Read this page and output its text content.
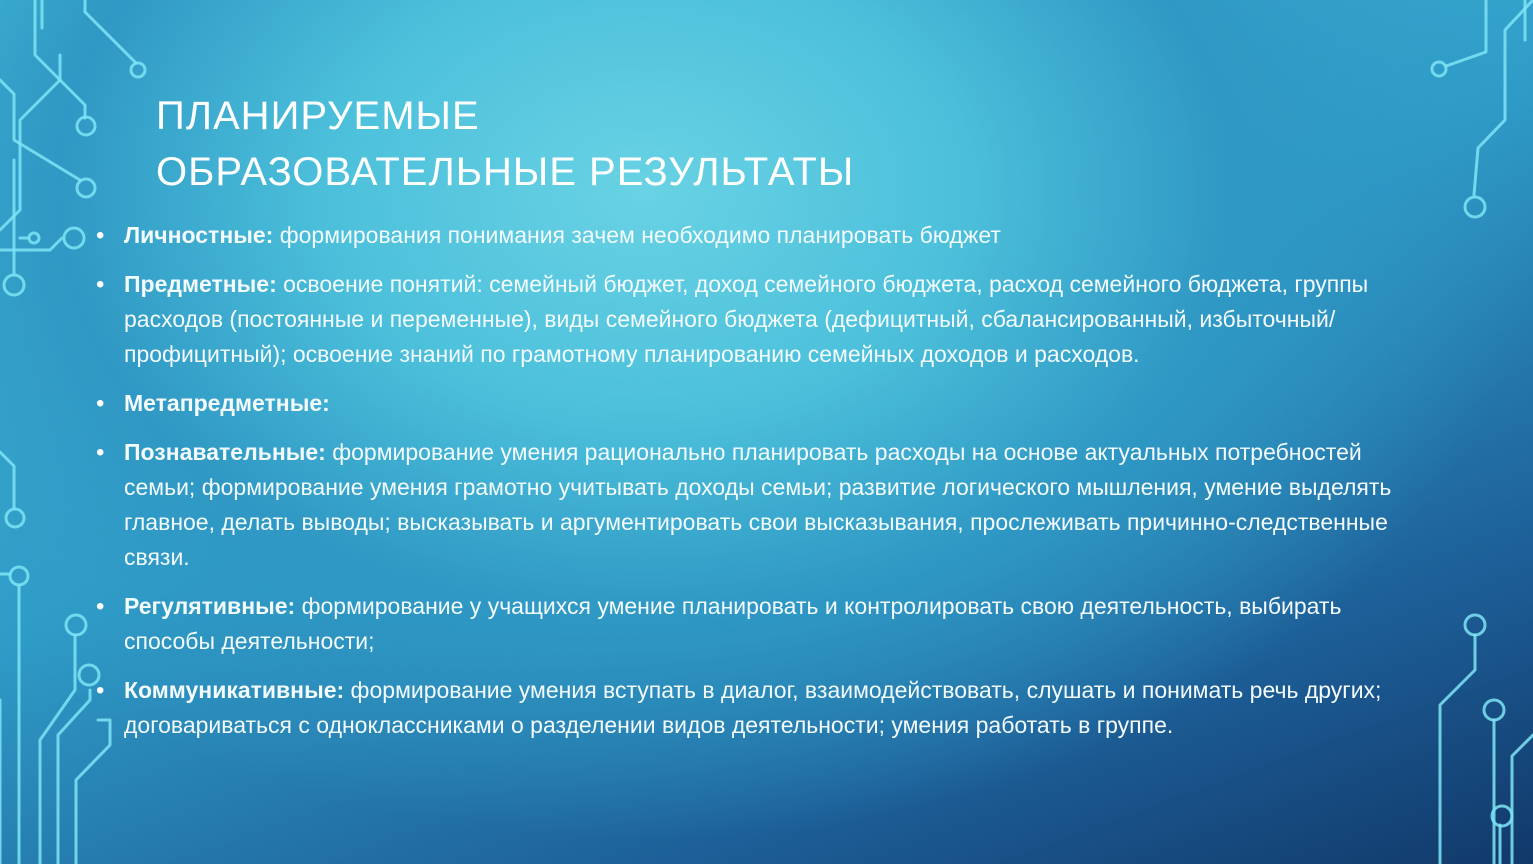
ПЛАНИРУЕМЫЕ
ОБРАЗОВАТЕЛЬНЫЕ РЕЗУЛЬТАТЫ
• Личностные: формирования понимания зачем необходимо планировать бюджет
• Предметные: освоение понятий: семейный бюджет, доход семейного бюджета, расход семейного бюджета, группы расходов (постоянные и переменные), виды семейного бюджета (дефицитный, сбалансированный, избыточный/профицитный); освоение знаний по грамотному планированию семейных доходов и расходов.
• Метапредметные:
• Познавательные: формирование умения рационально планировать расходы на основе актуальных потребностей семьи; формирование умения грамотно учитывать доходы семьи; развитие логического мышления, умение выделять главное, делать выводы; высказывать и аргументировать свои высказывания, прослеживать причинно-следственные связи.
• Регулятивные: формирование у учащихся умение планировать и контролировать свою деятельность, выбирать способы деятельности;
• Коммуникативные: формирование умения вступать в диалог, взаимодействовать, слушать и понимать речь других; договариваться с одноклассниками о разделении видов деятельности; умения работать в группе.
